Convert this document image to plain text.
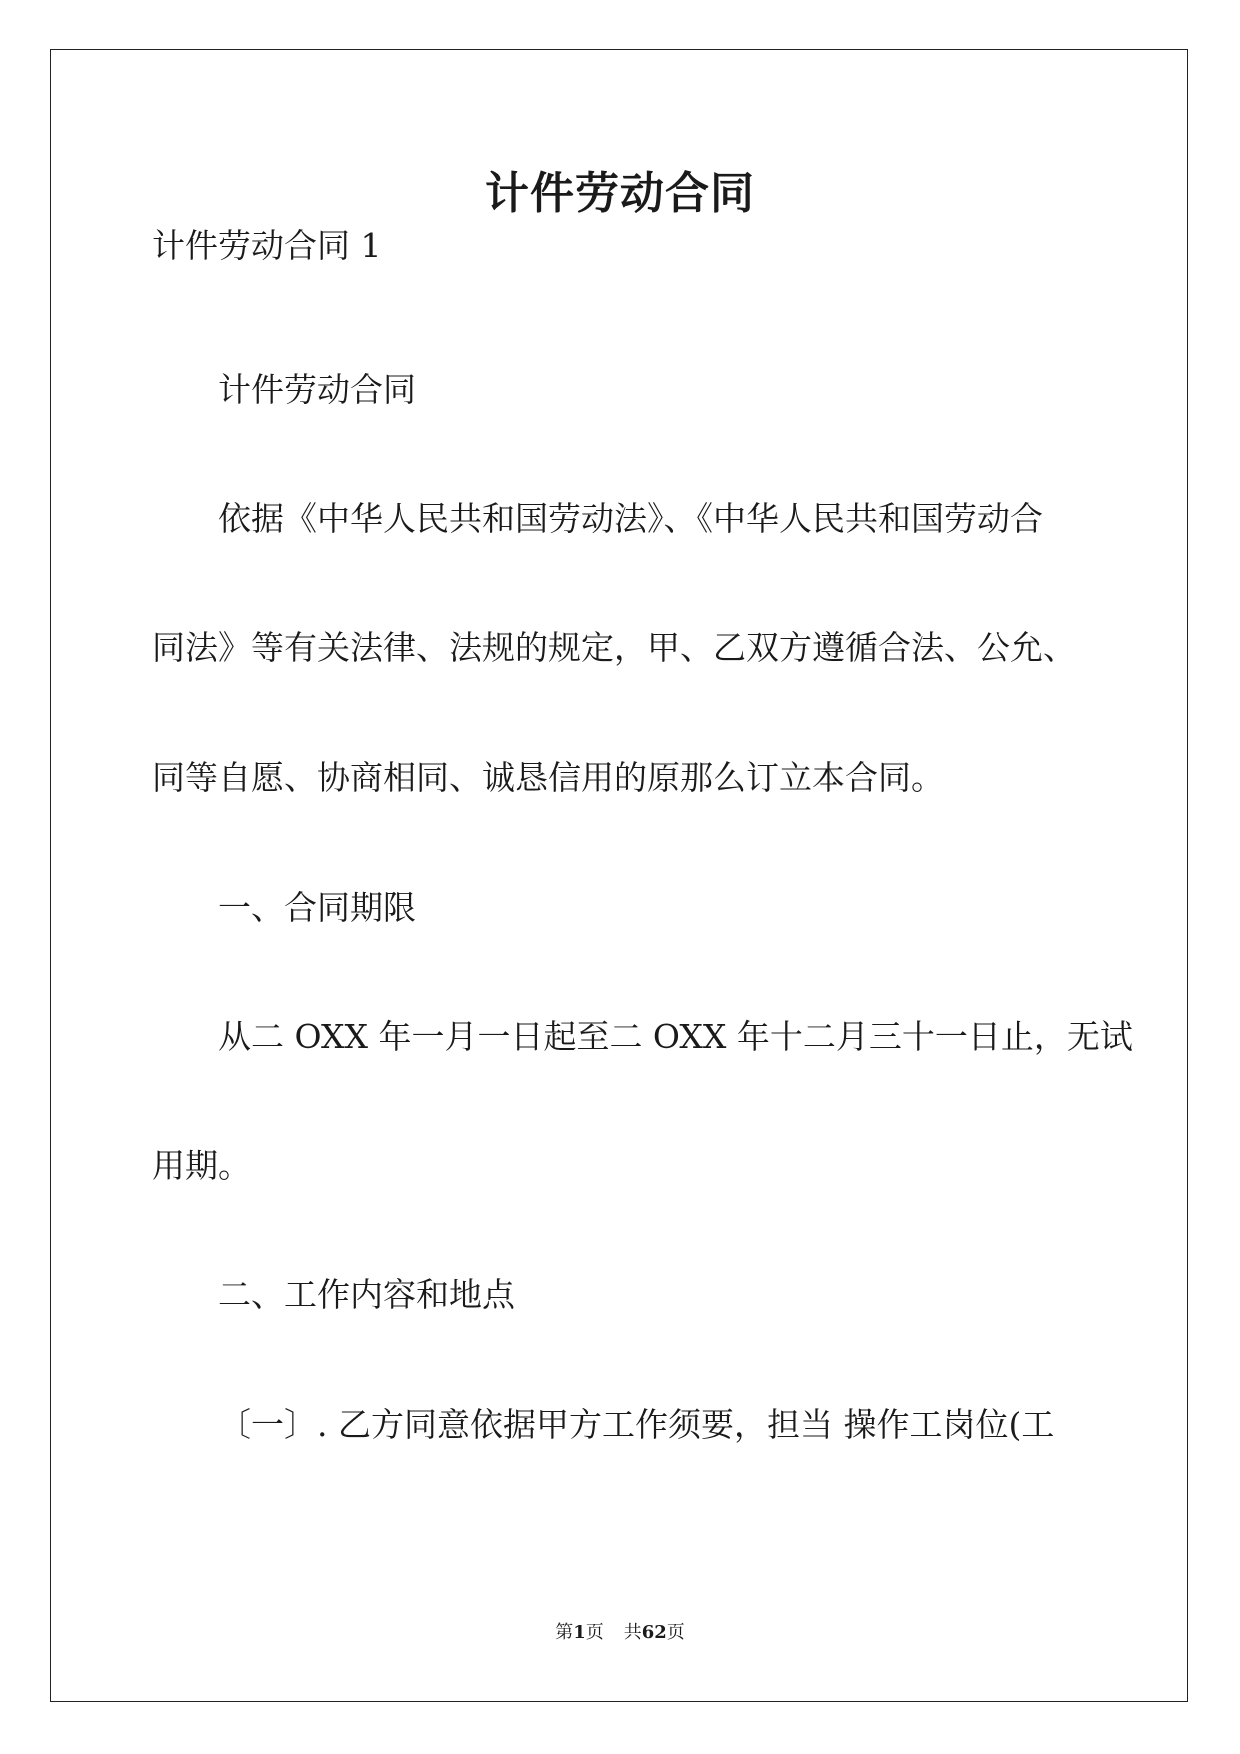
计件劳动合同
计件劳动合同 1
计件劳动合同
依据《中华人民共和国劳动法》、《中华人民共和国劳动合
同法》等有关法律、法规的规定，甲、乙双方遵循合法、公允、
同等自愿、协商相同、诚恳信用的原那么订立本合同。
一、合同期限
从二 OXX 年一月一日起至二 OXX 年十二月三十一日止，无试
用期。
二、工作内容和地点
〔一〕. 乙方同意依据甲方工作须要，担当 操作工岗位(工
第1页 共62页
